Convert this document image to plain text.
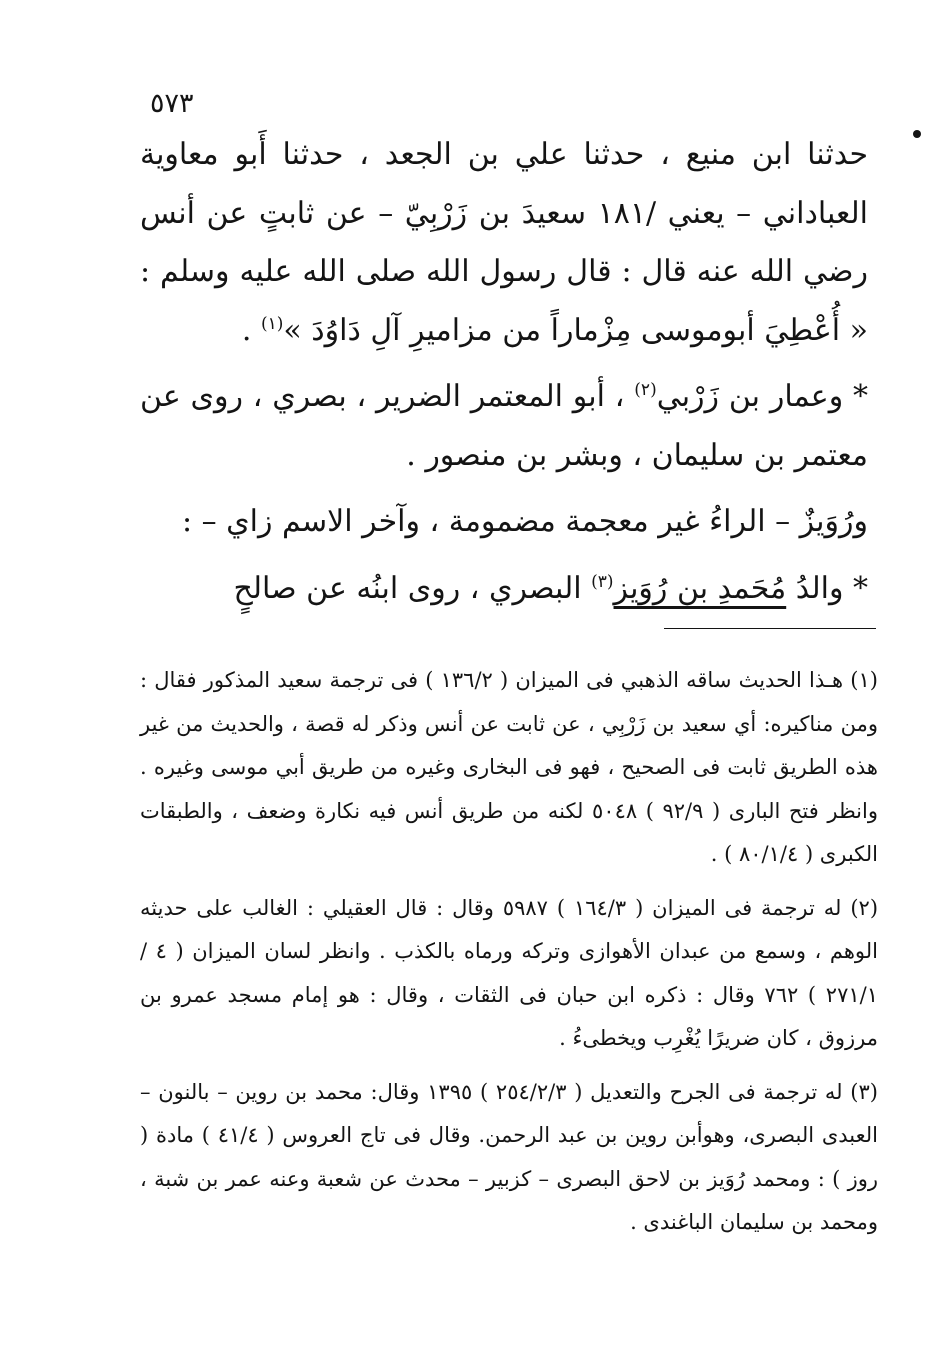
٥٧٣

حدثنا ابن منيع ، حدثنا علي بن الجعد ، حدثنا أَبو معاوية العباداني – يعني /١٨١ سعيدَ بن زَرْبِيّ – عن ثابتٍ عن أنس رضي الله عنه قال : قال رسول الله صلى الله عليه وسلم : « أُعْطِيَ أبوموسى مِزْماراً من مزاميرِ آلِ دَاوُدَ »$^{(١)}$ .

* وعمار بن زَرْبي$^{(٢)}$ ، أبو المعتمر الضرير ، بصري ، روى عن معتمر بن سليمان ، وبشر بن منصور .

ورُوَيزٌ – الراءُ غير معجمة مضمومة ، وآخر الاسم زاي – :

* والدُ مُحَمدِ بن رُوَيز$^{(٣)}$ البصري ، روى ابنُه عن صالحٍ

(١) هـذا الحديث ساقه الذهبي فى الميزان ( ١٣٦/٢ ) فى ترجمة سعيد المذكور فقال : ومن مناكيره: أي سعيد بن زَرْبِي ، عن ثابت عن أنس وذكر له قصة ، والحديث من غير هذه الطريق ثابت فى الصحيح ، فهو فى البخارى وغيره من طريق أبي موسى وغيره . وانظر فتح البارى ( ٩٢/٩ ) ٥٠٤٨ لكنه من طريق أنس فيه نكارة وضعف ، والطبقات الكبرى ( ٨٠/١/٤ ) .

(٢) له ترجمة فى الميزان ( ١٦٤/٣ ) ٥٩٨٧ وقال : قال العقيلي : الغالب على حديثه الوهم ، وسمع من عبدان الأهوازى وتركه ورماه بالكذب . وانظر لسان الميزان ( ٤ /٢٧١/١ ) ٧٦٢ وقال : ذكره ابن حبان فى الثقات ، وقال : هو إمام مسجد عمرو بن مرزوق ، كان ضريرًا يُغْرِب ويخطىءُ .

(٣) له ترجمة فى الجرح والتعديل ( ٢٥٤/٢/٣ ) ١٣٩٥ وقال: محمد بن روين – بالنون – العبدى البصرى، وهوأبن روين بن عبد الرحمن. وقال فى تاج العروس ( ٤١/٤ ) مادة ( روز ) : ومحمد رُوَيز بن لاحق البصرى – كزبير – محدث عن شعبة وعنه عمر بن شبة ، ومحمد بن سليمان الباغندى .
